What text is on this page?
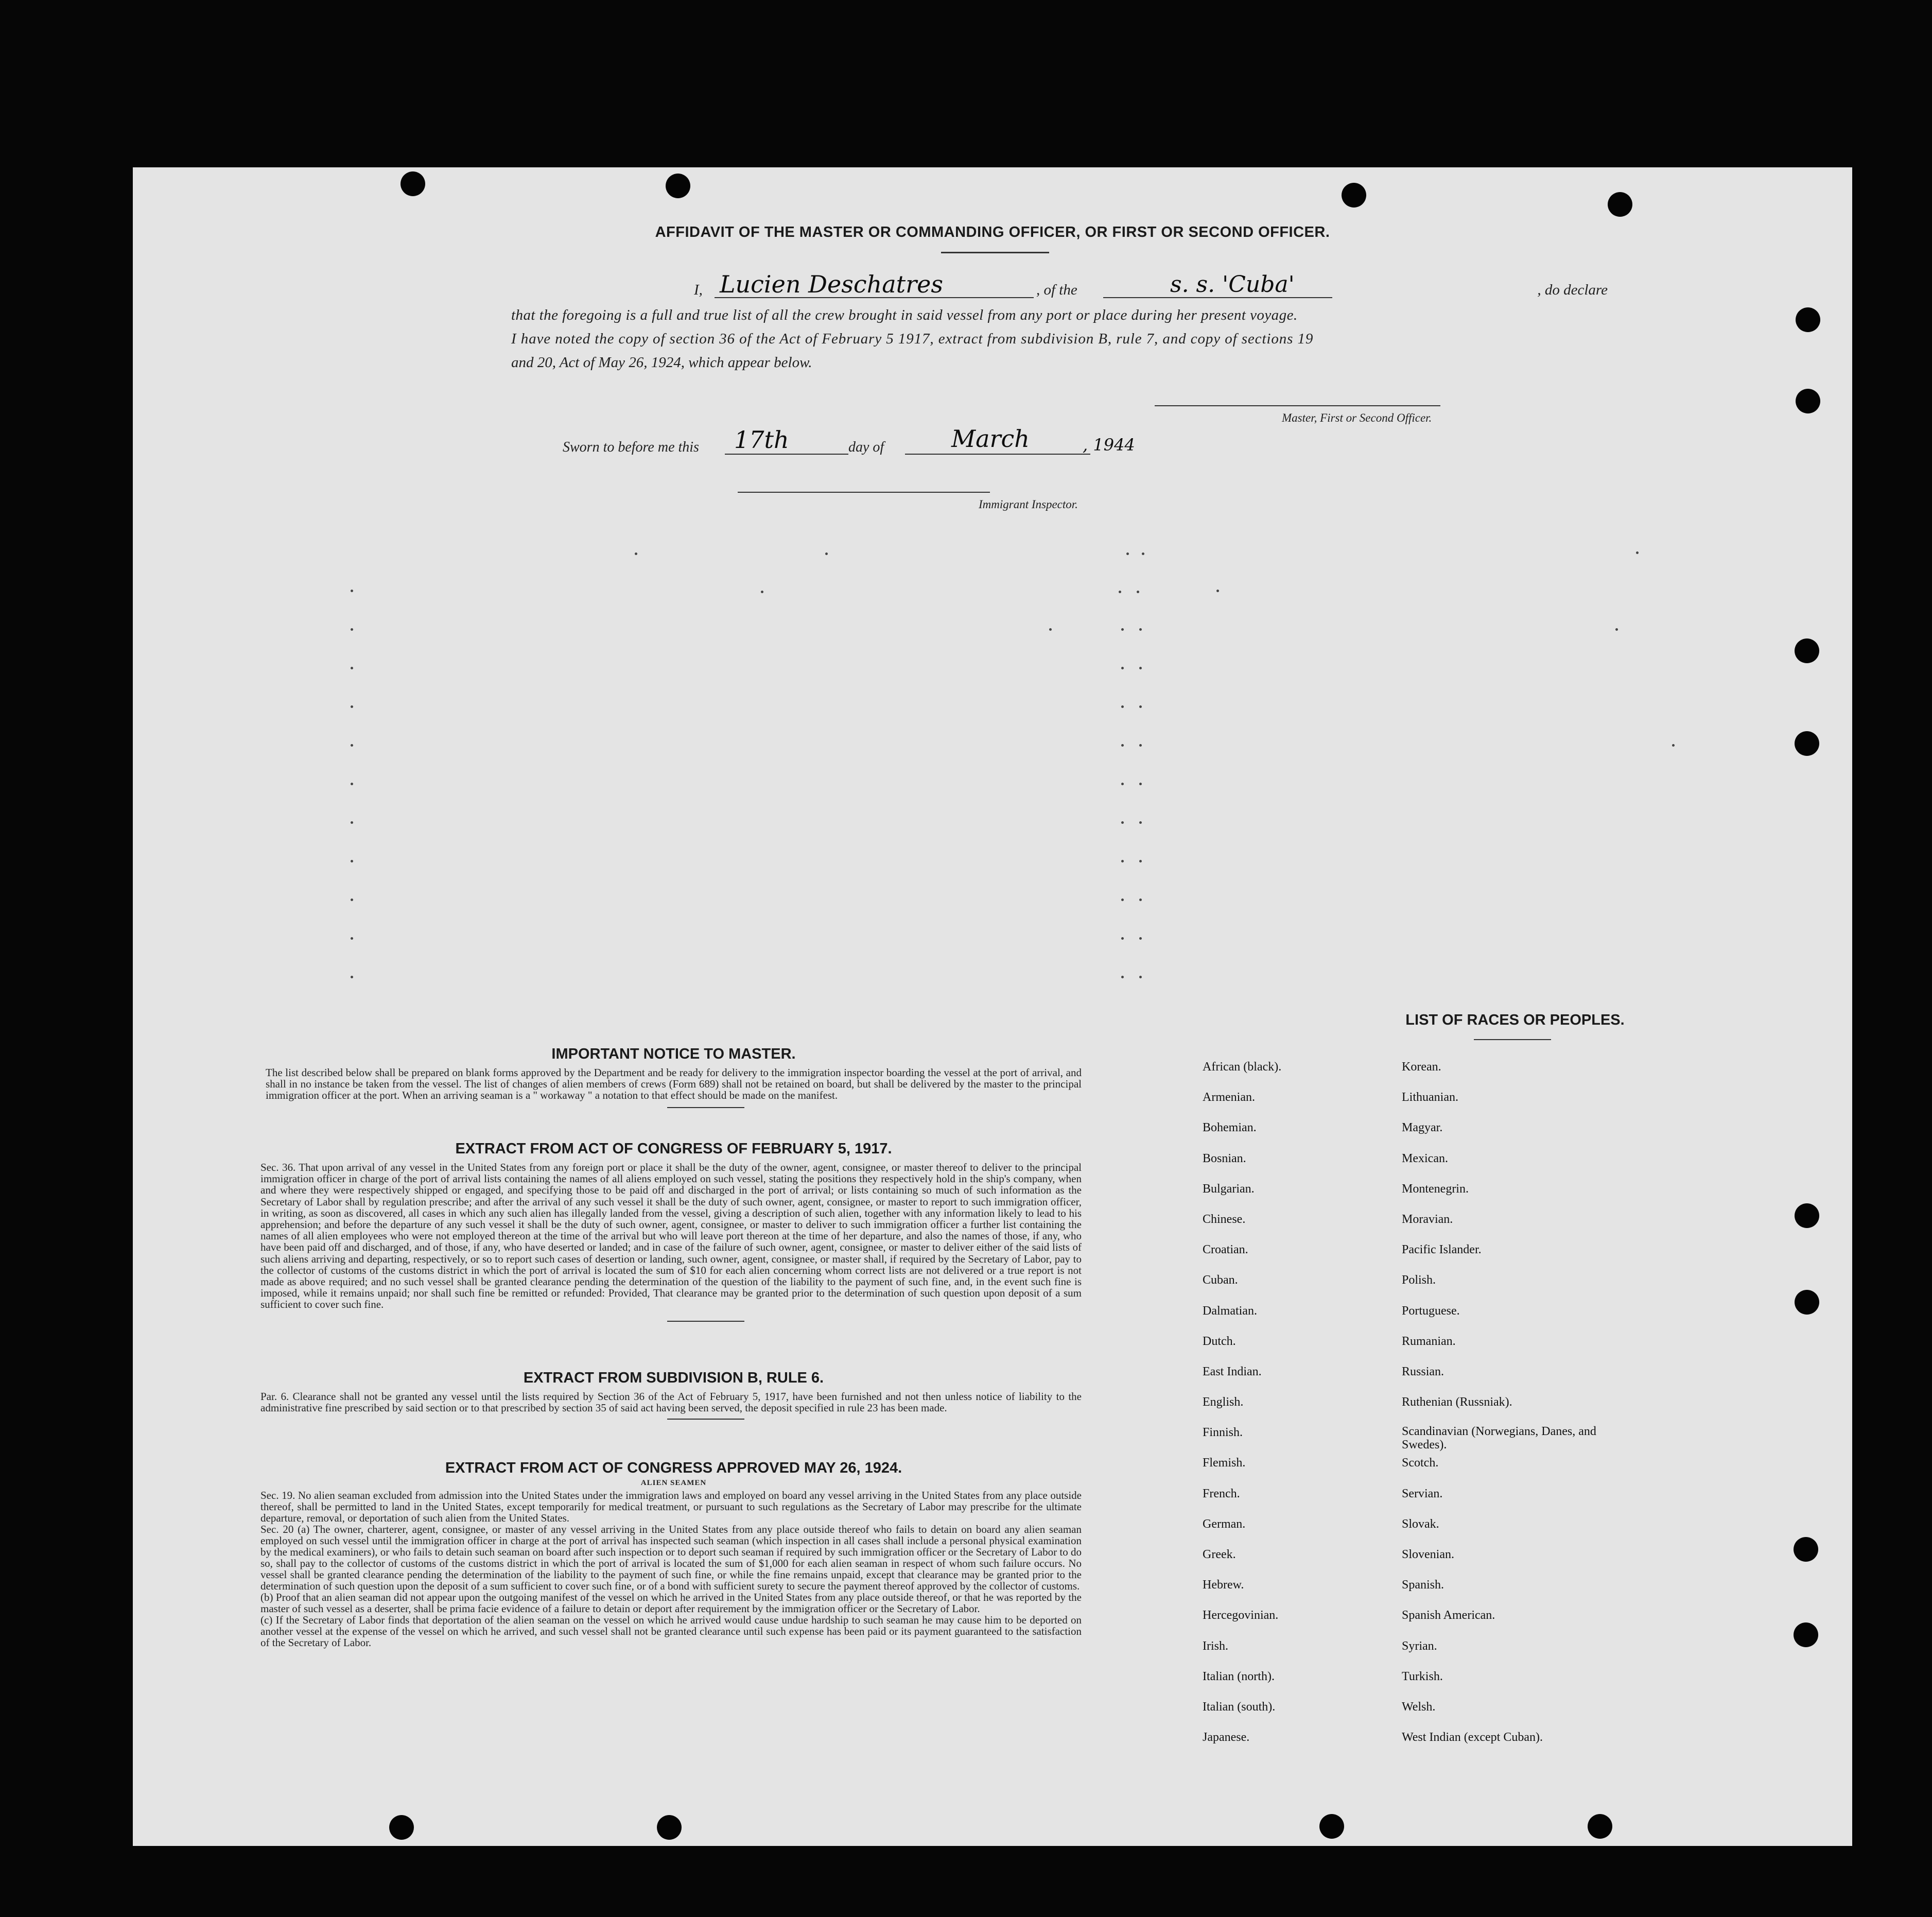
AFFIDAVIT OF THE MASTER OR COMMANDING OFFICER, OR FIRST OR SECOND OFFICER.
I, Lucien Deschatres	, of the	s. s. 'Cuba'	, do declare
that the foregoing is a full and true list of all the crew brought in said vessel from any port or place during her present voyage.
I have noted the copy of section 36 of the Act of February 5 1917, extract from subdivision B, rule 7, and copy of sections 19
and 20, Act of May 26, 1924, which appear below.
Master, First or Second Officer.
Sworn to before me this 17th	day of	March	, 1944
Immigrant Inspector.
IMPORTANT NOTICE TO MASTER.
The list described below shall be prepared on blank forms approved by the Department and be ready for delivery to the immigration inspector boarding the vessel at the port of arrival, and shall in no instance be taken from the vessel. The list of changes of alien members of crews (Form 689) shall not be retained on board, but shall be delivered by the master to the principal immigration officer at the port. When an arriving seaman is a " workaway " a notation to that effect should be made on the manifest.
EXTRACT FROM ACT OF CONGRESS OF FEBRUARY 5, 1917.
Sec. 36. That upon arrival of any vessel in the United States from any foreign port or place it shall be the duty of the owner, agent, consignee, or master thereof to deliver to the principal immigration officer in charge of the port of arrival lists containing the names of all aliens employed on such vessel, stating the positions they respectively hold in the ship's company, when and where they were respectively shipped or engaged, and specifying those to be paid off and discharged in the port of arrival; or lists containing so much of such information as the Secretary of Labor shall by regulation prescribe; and after the arrival of any such vessel it shall be the duty of such owner, agent, consignee, or master to report to such immigration officer, in writing, as soon as discovered, all cases in which any such alien has illegally landed from the vessel, giving a description of such alien, together with any information likely to lead to his apprehension; and before the departure of any such vessel it shall be the duty of such owner, agent, consignee, or master to deliver to such immigration officer a further list containing the names of all alien employees who were not employed thereon at the time of the arrival but who will leave port thereon at the time of her departure, and also the names of those, if any, who have been paid off and discharged, and of those, if any, who have deserted or landed; and in case of the failure of such owner, agent, consignee, or master to deliver either of the said lists of such aliens arriving and departing, respectively, or so to report such cases of desertion or landing, such owner, agent, consignee, or master shall, if required by the Secretary of Labor, pay to the collector of customs of the customs district in which the port of arrival is located the sum of $10 for each alien concerning whom correct lists are not delivered or a true report is not made as above required; and no such vessel shall be granted clearance pending the determination of the question of the liability to the payment of such fine, and, in the event such fine is imposed, while it remains unpaid; nor shall such fine be remitted or refunded: Provided, That clearance may be granted prior to the determination of such question upon deposit of a sum sufficient to cover such fine.
EXTRACT FROM SUBDIVISION B, RULE 6.
Par. 6. Clearance shall not be granted any vessel until the lists required by Section 36 of the Act of February 5, 1917, have been furnished and not then unless notice of liability to the administrative fine prescribed by said section or to that prescribed by section 35 of said act having been served, the deposit specified in rule 23 has been made.
EXTRACT FROM ACT OF CONGRESS APPROVED MAY 26, 1924.
ALIEN SEAMEN
Sec. 19. No alien seaman excluded from admission into the United States under the immigration laws and employed on board any vessel arriving in the United States from any place outside thereof, shall be permitted to land in the United States, except temporarily for medical treatment, or pursuant to such regulations as the Secretary of Labor may prescribe for the ultimate departure, removal, or deportation of such alien from the United States.
Sec. 20 (a) The owner, charterer, agent, consignee, or master of any vessel arriving in the United States from any place outside thereof who fails to detain on board any alien seaman employed on such vessel until the immigration officer in charge at the port of arrival has inspected such seaman (which inspection in all cases shall include a personal physical examination by the medical examiners), or who fails to detain such seaman on board after such inspection or to deport such seaman if required by such immigration officer or the Secretary of Labor to do so, shall pay to the collector of customs of the customs district in which the port of arrival is located the sum of $1,000 for each alien seaman in respect of whom such failure occurs. No vessel shall be granted clearance pending the determination of the liability to the payment of such fine, or while the fine remains unpaid, except that clearance may be granted prior to the determination of such question upon the deposit of a sum sufficient to cover such fine, or of a bond with sufficient surety to secure the payment thereof approved by the collector of customs.
(b) Proof that an alien seaman did not appear upon the outgoing manifest of the vessel on which he arrived in the United States from any place outside thereof, or that he was reported by the master of such vessel as a deserter, shall be prima facie evidence of a failure to detain or deport after requirement by the immigration officer or the Secretary of Labor.
(c) If the Secretary of Labor finds that deportation of the alien seaman on the vessel on which he arrived would cause undue hardship to such seaman he may cause him to be deported on another vessel at the expense of the vessel on which he arrived, and such vessel shall not be granted clearance until such expense has been paid or its payment guaranteed to the satisfaction of the Secretary of Labor.
LIST OF RACES OR PEOPLES.
African (black).
Armenian.
Bohemian.
Bosnian.
Bulgarian.
Chinese.
Croatian.
Cuban.
Dalmatian.
Dutch.
East Indian.
English.
Finnish.
Flemish.
French.
German.
Greek.
Hebrew.
Hercegovinian.
Irish.
Italian (north).
Italian (south).
Japanese.
Korean.
Lithuanian.
Magyar.
Mexican.
Montenegrin.
Moravian.
Pacific Islander.
Polish.
Portuguese.
Rumanian.
Russian.
Ruthenian (Russniak).
Scandinavian (Norwegians, Danes, and Swedes).
Scotch.
Servian.
Slovak.
Slovenian.
Spanish.
Spanish American.
Syrian.
Turkish.
Welsh.
West Indian (except Cuban).
